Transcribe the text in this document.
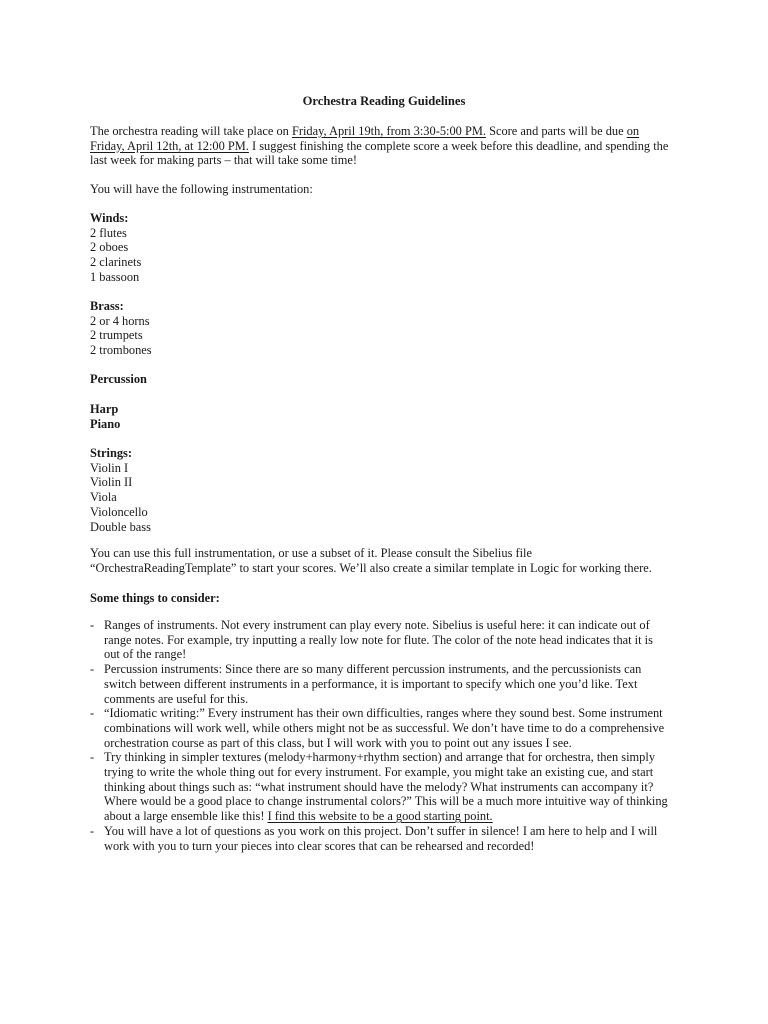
Orchestra Reading Guidelines
The orchestra reading will take place on Friday, April 19th, from 3:30-5:00 PM. Score and parts will be due on
Friday, April 12th, at 12:00 PM. I suggest finishing the complete score a week before this deadline, and spending the
last week for making parts – that will take some time!
You will have the following instrumentation:
Winds:
2 flutes
2 oboes
2 clarinets
1 bassoon
Brass:
2 or 4 horns
2 trumpets
2 trombones
Percussion
Harp
Piano
Strings:
Violin I
Violin II
Viola
Violoncello
Double bass
You can use this full instrumentation, or use a subset of it. Please consult the Sibelius file
“OrchestraReadingTemplate” to start your scores. We’ll also create a similar template in Logic for working there.
Some things to consider:
- Ranges of instruments. Not every instrument can play every note. Sibelius is useful here: it can indicate out of
range notes. For example, try inputting a really low note for flute. The color of the note head indicates that it is
out of the range!
- Percussion instruments: Since there are so many different percussion instruments, and the percussionists can
switch between different instruments in a performance, it is important to specify which one you’d like. Text
comments are useful for this.
- “Idiomatic writing:” Every instrument has their own difficulties, ranges where they sound best. Some instrument
combinations will work well, while others might not be as successful. We don’t have time to do a comprehensive
orchestration course as part of this class, but I will work with you to point out any issues I see.
- Try thinking in simpler textures (melody+harmony+rhythm section) and arrange that for orchestra, then simply
trying to write the whole thing out for every instrument. For example, you might take an existing cue, and start
thinking about things such as: “what instrument should have the melody? What instruments can accompany it?
Where would be a good place to change instrumental colors?” This will be a much more intuitive way of thinking
about a large ensemble like this! I find this website to be a good starting point.
- You will have a lot of questions as you work on this project. Don’t suffer in silence! I am here to help and I will
work with you to turn your pieces into clear scores that can be rehearsed and recorded!
